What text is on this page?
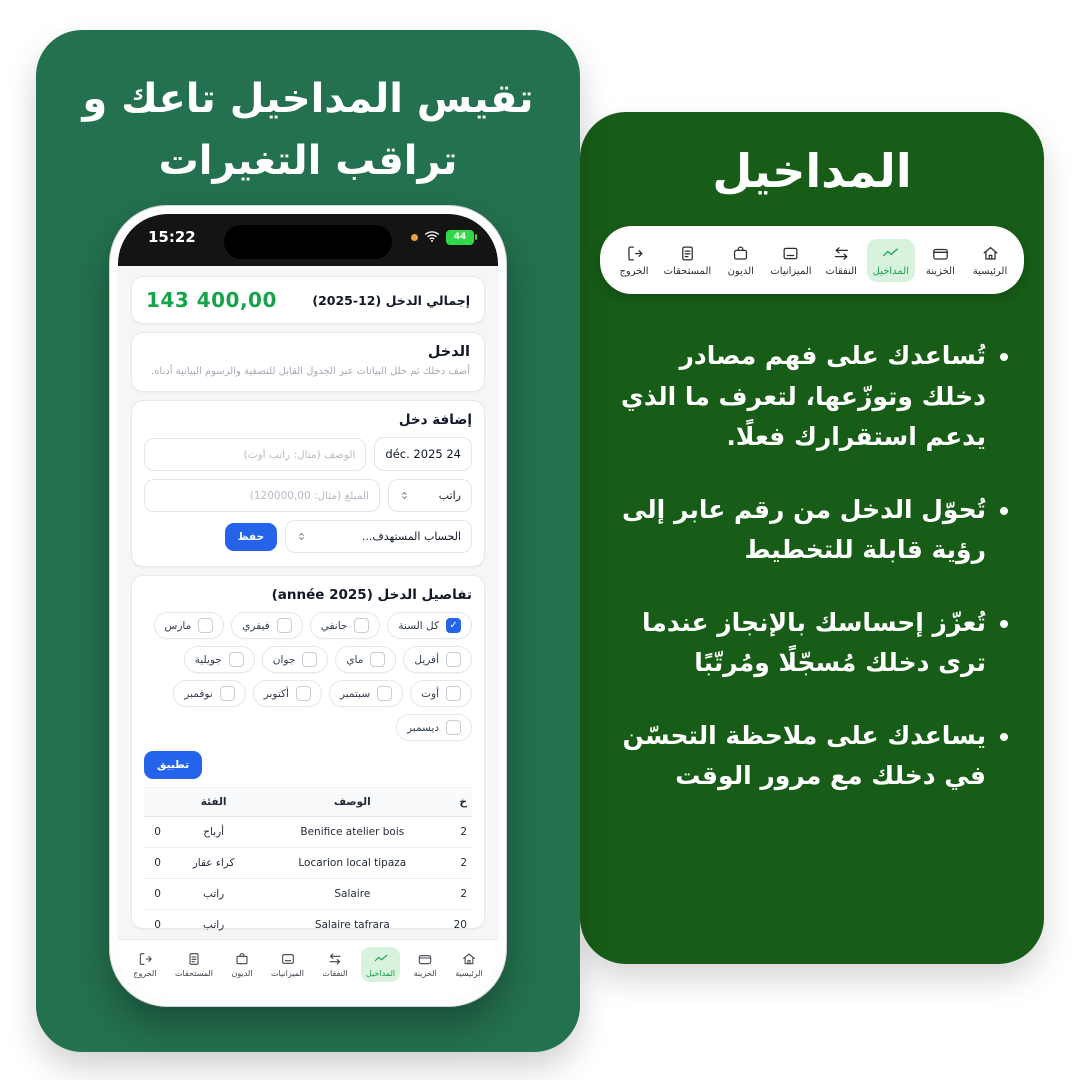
تقيس المداخيل تاعك و
تراقب التغيرات
15:22	44
إجمالي الدخل (12-2025)
143 400,00
الدخل
أضف دخلك ثم حلل البيانات عبر الجدول القابل للتصفية والرسوم البيانية أدناه.
إضافة دخل
déc. 2025 24
الوصف (مثال: راتب أوت)
راتب
المبلغ (مثال: 120000,00)
الحساب المستهدف...
حفظ
تفاصيل الدخل (année 2025)
✓
كل السنة
جانفي
فيفري
مارس
أفريل
ماي
جوان
جويلية
أوت
سبتمبر
أكتوبر
نوفمبر
ديسمبر
تطبيق
خ	الوصف	الفئة	
2	Benifice atelier bois	أرباح	0
2	Locarion local tipaza	كراء عقار	0
2	Salaire	راتب	0
20	Salaire tafrara	راتب	0
الرئيسية
الخزينة
المداخيل
النفقات
الميزانيات
الديون
المستحقات
الخروج
المداخيل
الرئيسية
الخزينة
المداخيل
النفقات
الميزانيات
الديون
المستحقات
الخروج
• تُساعدك على فهم مصادر دخلك وتوزّعها، لتعرف ما الذي يدعم استقرارك فعلًا.
• تُحوّل الدخل من رقم عابر إلى رؤية قابلة للتخطيط
• تُعزّز إحساسك بالإنجاز عندما ترى دخلك مُسجّلًا ومُرتّبًا
• يساعدك على ملاحظة التحسّن في دخلك مع مرور الوقت
